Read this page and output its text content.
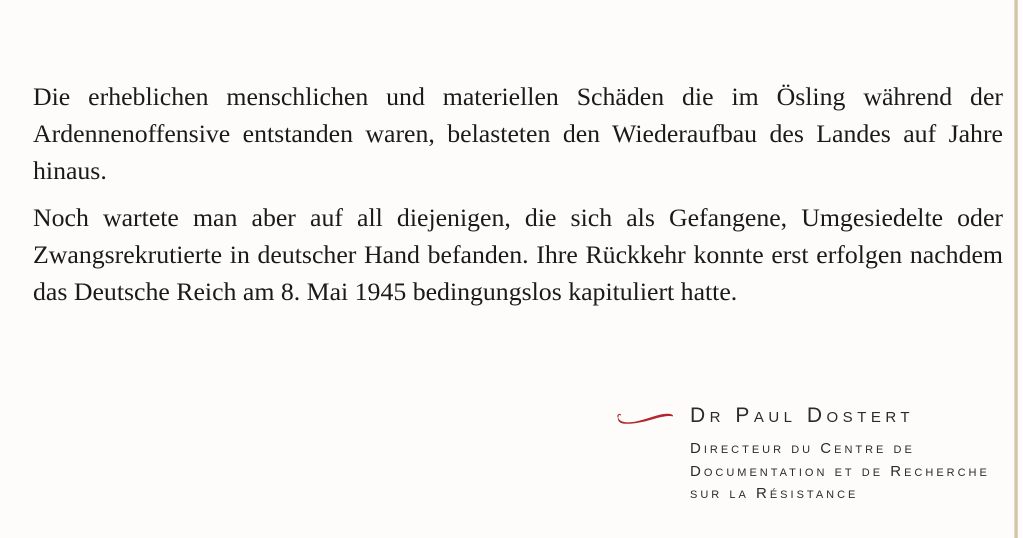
Die erheblichen menschlichen und materiellen Schäden die im Ösling während der
Ardennenoffensive entstanden waren, belasteten den Wiederaufbau des Landes auf Jahre
hinaus.

Noch wartete man aber auf all diejenigen, die sich als Gefangene, Umgesiedelte oder
Zwangsrekrutierte in deutscher Hand befanden. Ihre Rückkehr konnte erst erfolgen nachdem
das Deutsche Reich am 8. Mai 1945 bedingungslos kapituliert hatte.

Dr Paul Dostert
Directeur du Centre de
Documentation et de Recherche
sur la Résistance
